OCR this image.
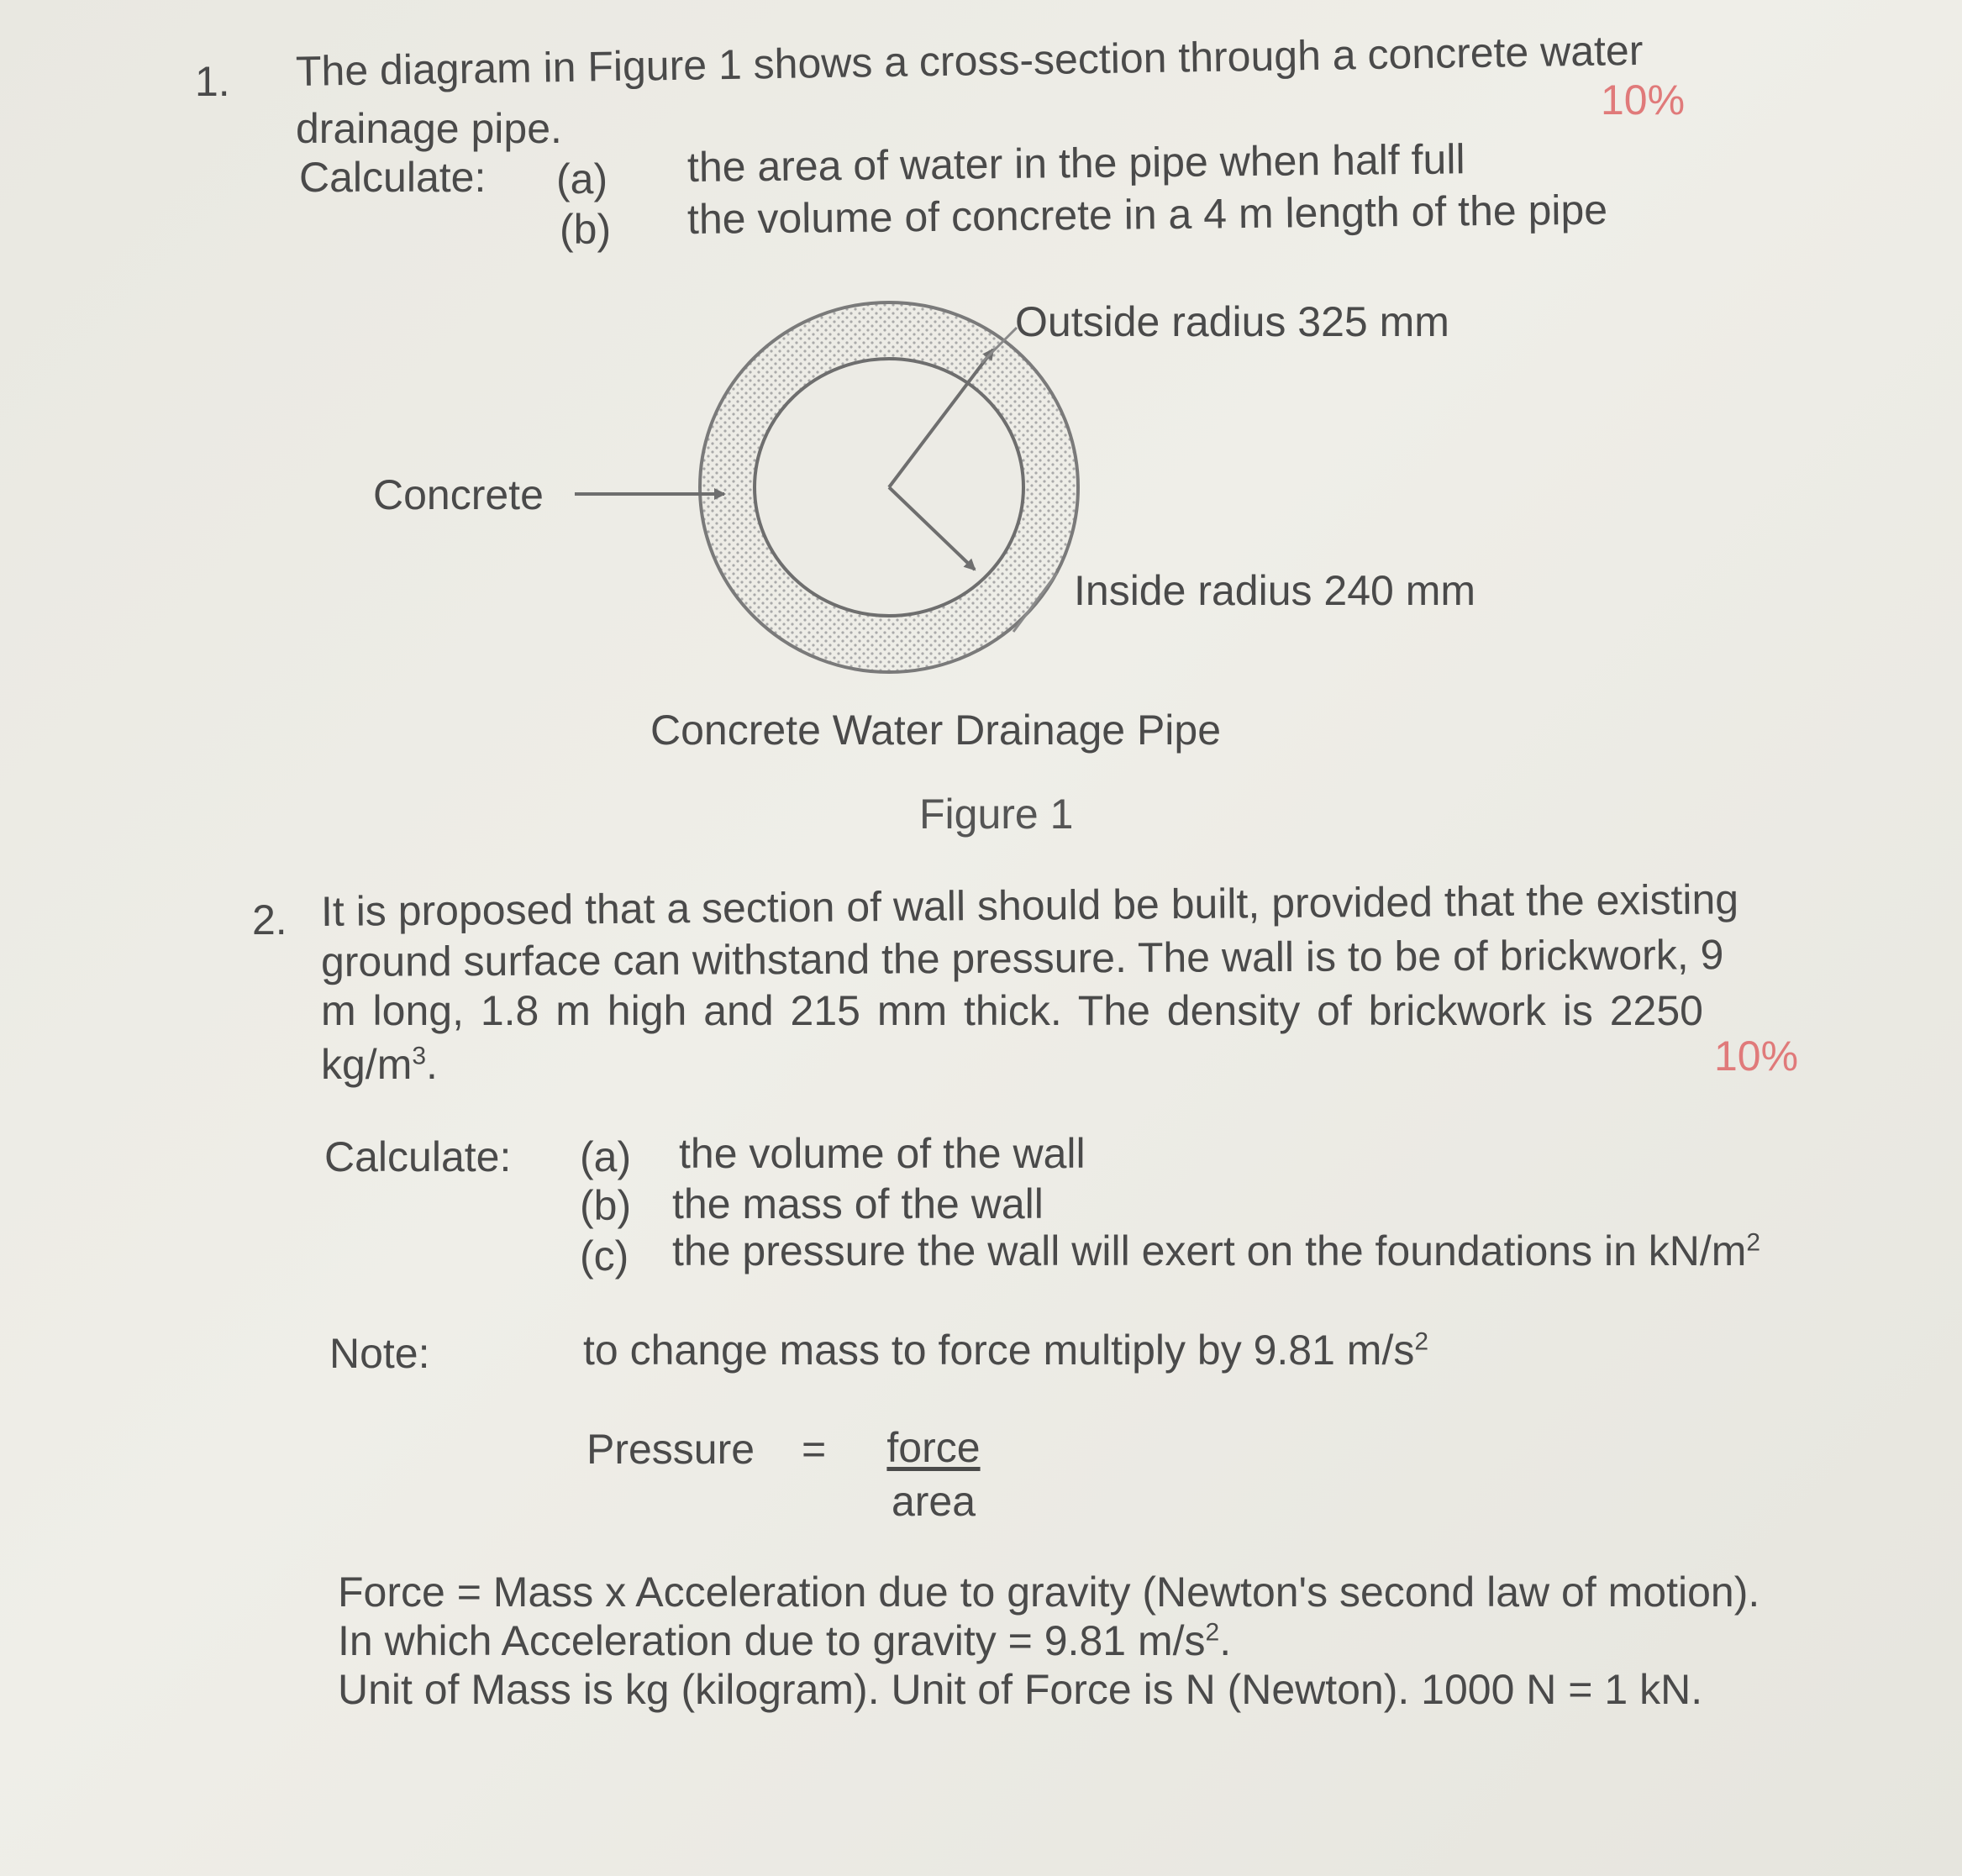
1. The diagram in Figure 1 shows a cross-section through a concrete water
drainage pipe.
10%
Calculate: (a) the area of water in the pipe when half full
(b) the volume of concrete in a 4 m length of the pipe
Outside radius 325 mm
Inside radius 240 mm
Concrete
Concrete Water Drainage Pipe
Figure 1
2. It is proposed that a section of wall should be built, provided that the existing
ground surface can withstand the pressure. The wall is to be of brickwork, 9
m long, 1.8 m high and 215 mm thick. The density of brickwork is 2250
$kg/m^3$.	10%
Calculate: (a) the volume of the wall
(b) the mass of the wall
(c) the pressure the wall will exert on the foundations in $kN/m^2$
Note:	to change mass to force multiply by 9.81 $m/s^2$
Pressure = force
area
Force = Mass x Acceleration due to gravity (Newton's second law of motion).
In which Acceleration due to gravity = 9.81 $m/s^2$.
Unit of Mass is kg (kilogram). Unit of Force is N (Newton). 1000 N = 1 kN.
